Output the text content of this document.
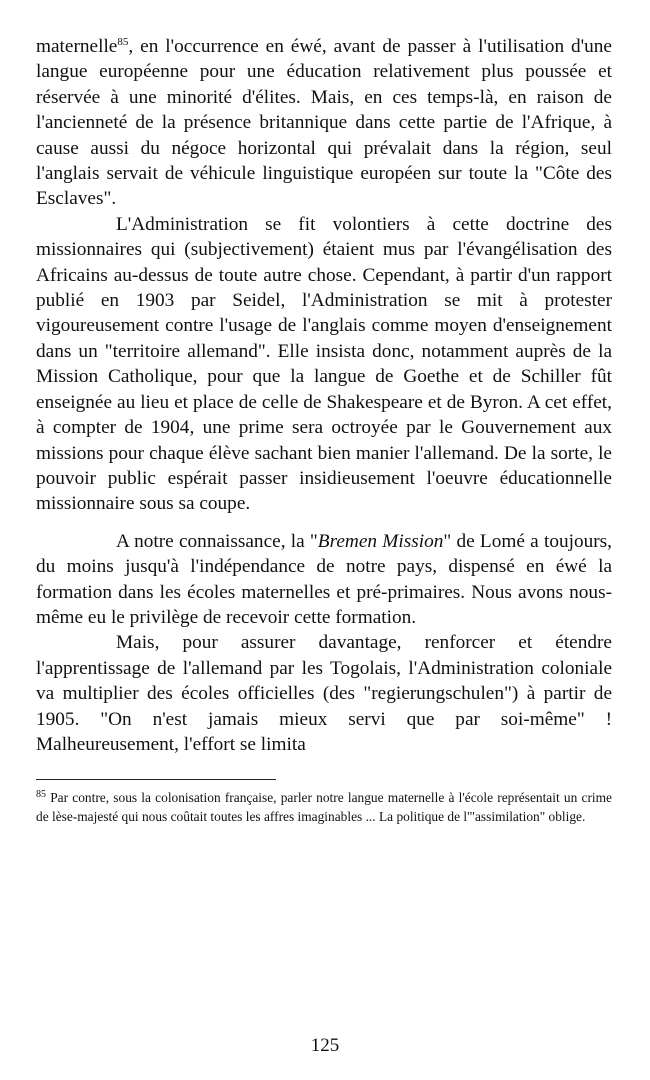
maternelle$^{85}$, en l'occurrence en éwé, avant de passer à l'utilisation d'une langue européenne pour une éducation relativement plus poussée et réservée à une minorité d'élites. Mais, en ces temps-là, en raison de l'ancienneté de la présence britannique dans cette partie de l'Afrique, à cause aussi du négoce horizontal qui prévalait dans la région, seul l'anglais servait de véhicule linguistique européen sur toute la "Côte des Esclaves".

L'Administration se fit volontiers à cette doctrine des missionnaires qui (subjectivement) étaient mus par l'évangélisation des Africains au-dessus de toute autre chose. Cependant, à partir d'un rapport publié en 1903 par Seidel, l'Administration se mit à protester vigoureusement contre l'usage de l'anglais comme moyen d'enseignement dans un "territoire allemand". Elle insista donc, notamment auprès de la Mission Catholique, pour que la langue de Goethe et de Schiller fût enseignée au lieu et place de celle de Shakespeare et de Byron. A cet effet, à compter de 1904, une prime sera octroyée par le Gouvernement aux missions pour chaque élève sachant bien manier l'allemand. De la sorte, le pouvoir public espérait passer insidieusement l'oeuvre éducationnelle missionnaire sous sa coupe.

A notre connaissance, la "Bremen Mission" de Lomé a toujours, du moins jusqu'à l'indépendance de notre pays, dispensé en éwé la formation dans les écoles maternelles et pré-primaires. Nous avons nous-même eu le privilège de recevoir cette formation.

Mais, pour assurer davantage, renforcer et étendre l'apprentissage de l'allemand par les Togolais, l'Administration coloniale va multiplier des écoles officielles (des "regierungschulen") à partir de 1905. "On n'est jamais mieux servi que par soi-même" ! Malheureusement, l'effort se limita

$^{85}$ Par contre, sous la colonisation française, parler notre langue maternelle à l'école représentait un crime de lèse-majesté qui nous coûtait toutes les affres imaginables ... La politique de l'"assimilation" oblige.

125
